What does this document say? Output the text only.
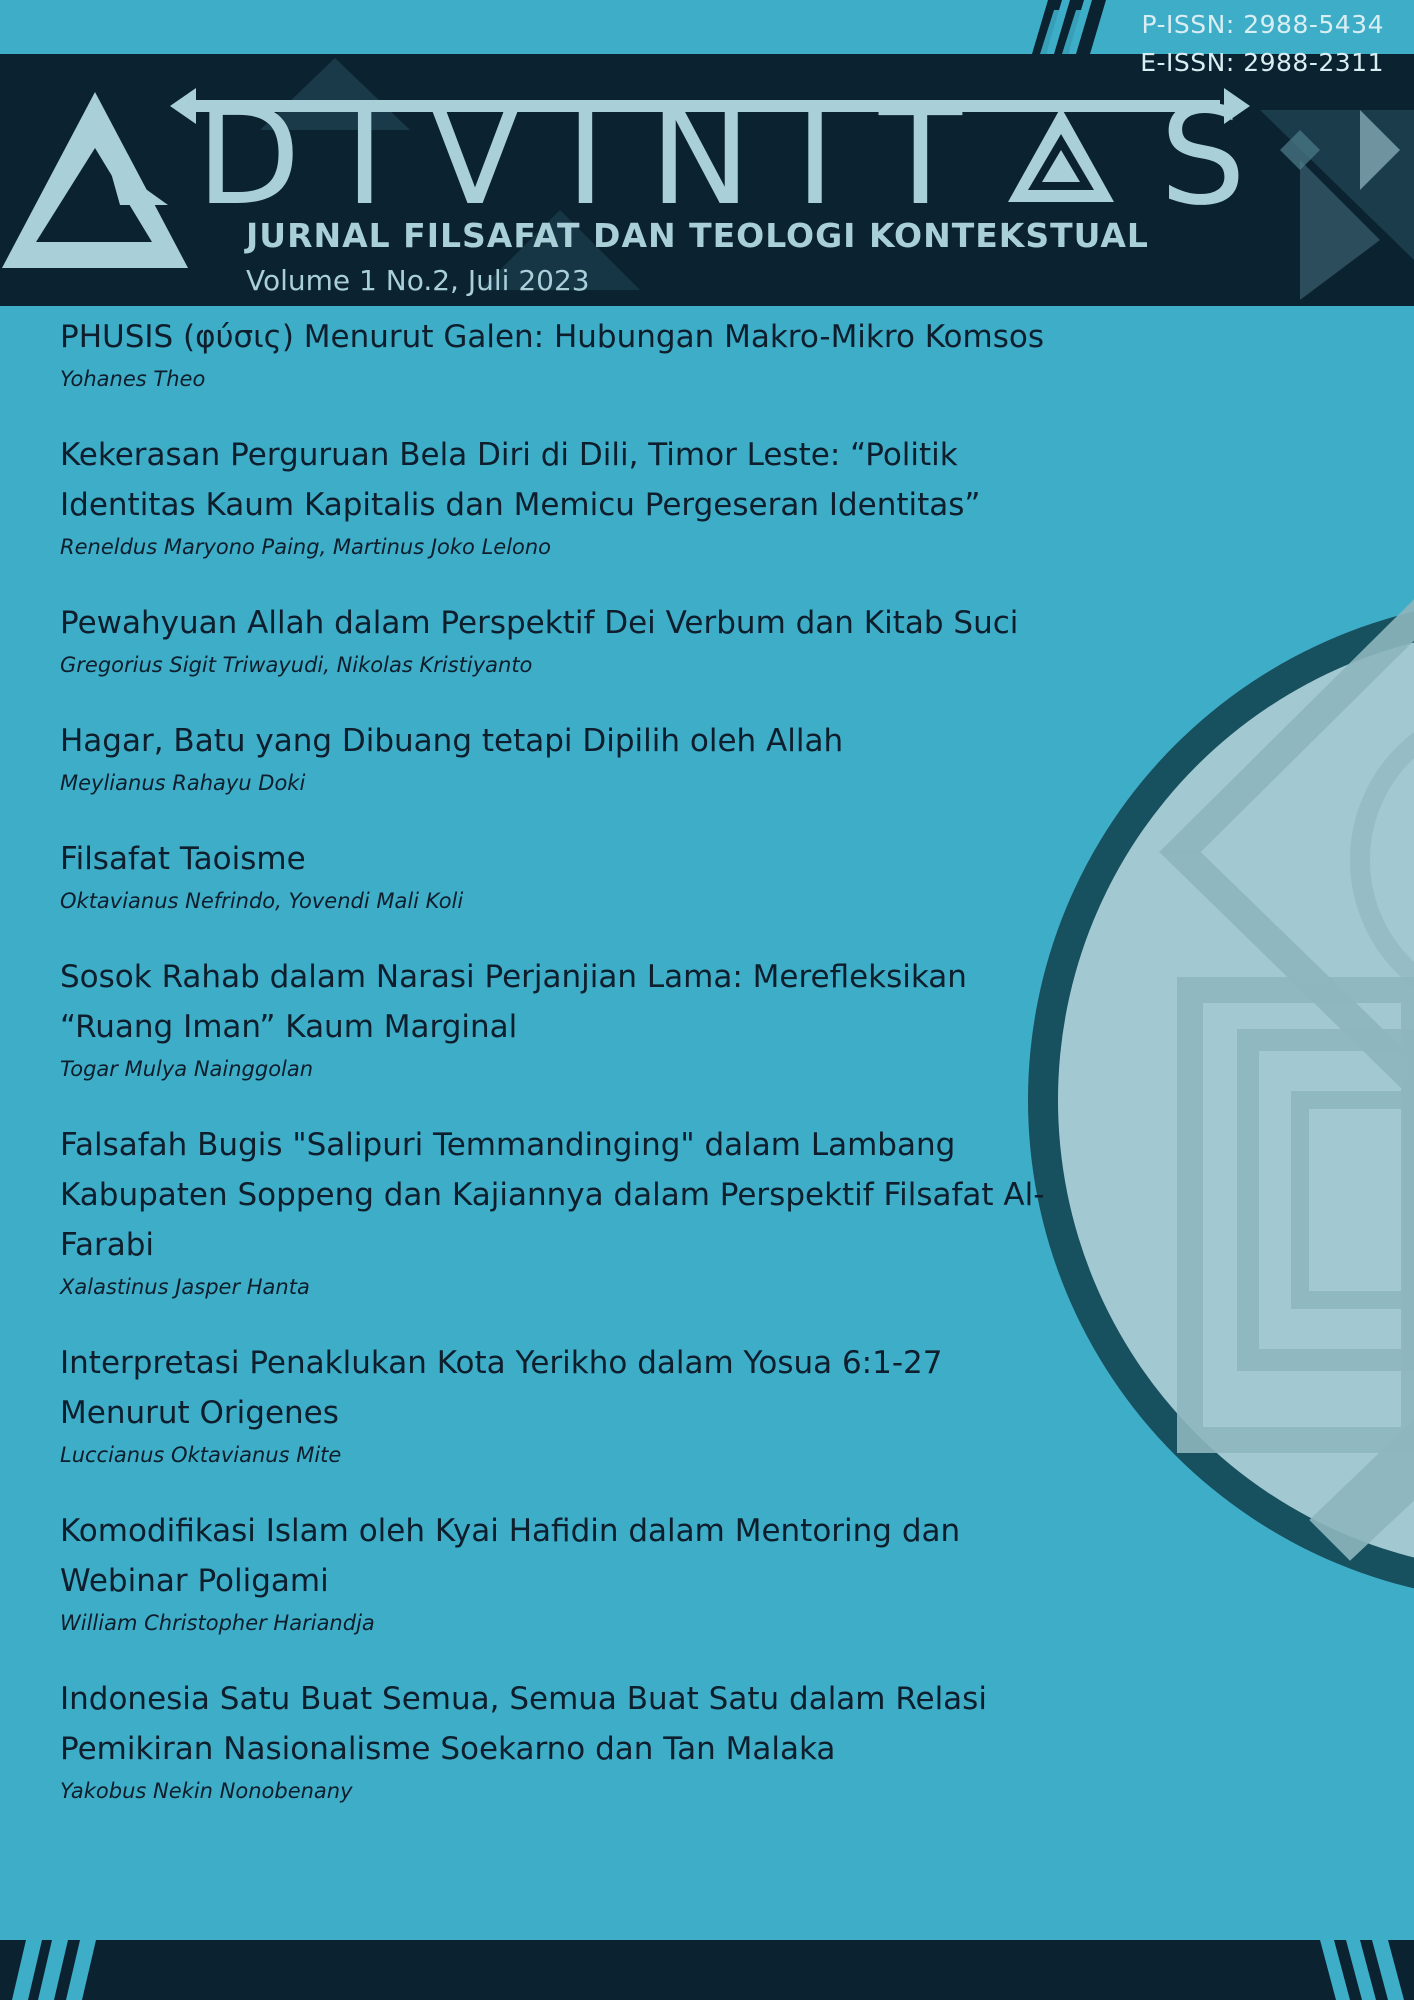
P-ISSN: 2988-5434
E-ISSN: 2988-2311
D I V I N I T S
JURNAL FILSAFAT DAN TEOLOGI KONTEKSTUAL
Volume 1 No.2, Juli 2023
PHUSIS (φύσις) Menurut Galen: Hubungan Makro-Mikro Komsos
Yohanes Theo
Kekerasan Perguruan Bela Diri di Dili, Timor Leste: “Politik Identitas Kaum Kapitalis dan Memicu Pergeseran Identitas”
Reneldus Maryono Paing, Martinus Joko Lelono
Pewahyuan Allah dalam Perspektif Dei Verbum dan Kitab Suci
Gregorius Sigit Triwayudi, Nikolas Kristiyanto
Hagar, Batu yang Dibuang tetapi Dipilih oleh Allah
Meylianus Rahayu Doki
Filsafat Taoisme
Oktavianus Nefrindo, Yovendi Mali Koli
Sosok Rahab dalam Narasi Perjanjian Lama: Merefleksikan “Ruang Iman” Kaum Marginal
Togar Mulya Nainggolan
Falsafah Bugis "Salipuri Temmandinging" dalam Lambang Kabupaten Soppeng dan Kajiannya dalam Perspektif Filsafat Al-Farabi
Xalastinus Jasper Hanta
Interpretasi Penaklukan Kota Yerikho dalam Yosua 6:1-27 Menurut Origenes
Luccianus Oktavianus Mite
Komodifikasi Islam oleh Kyai Hafidin dalam Mentoring dan Webinar Poligami
William Christopher Hariandja
Indonesia Satu Buat Semua, Semua Buat Satu dalam Relasi Pemikiran Nasionalisme Soekarno dan Tan Malaka
Yakobus Nekin Nonobenany
